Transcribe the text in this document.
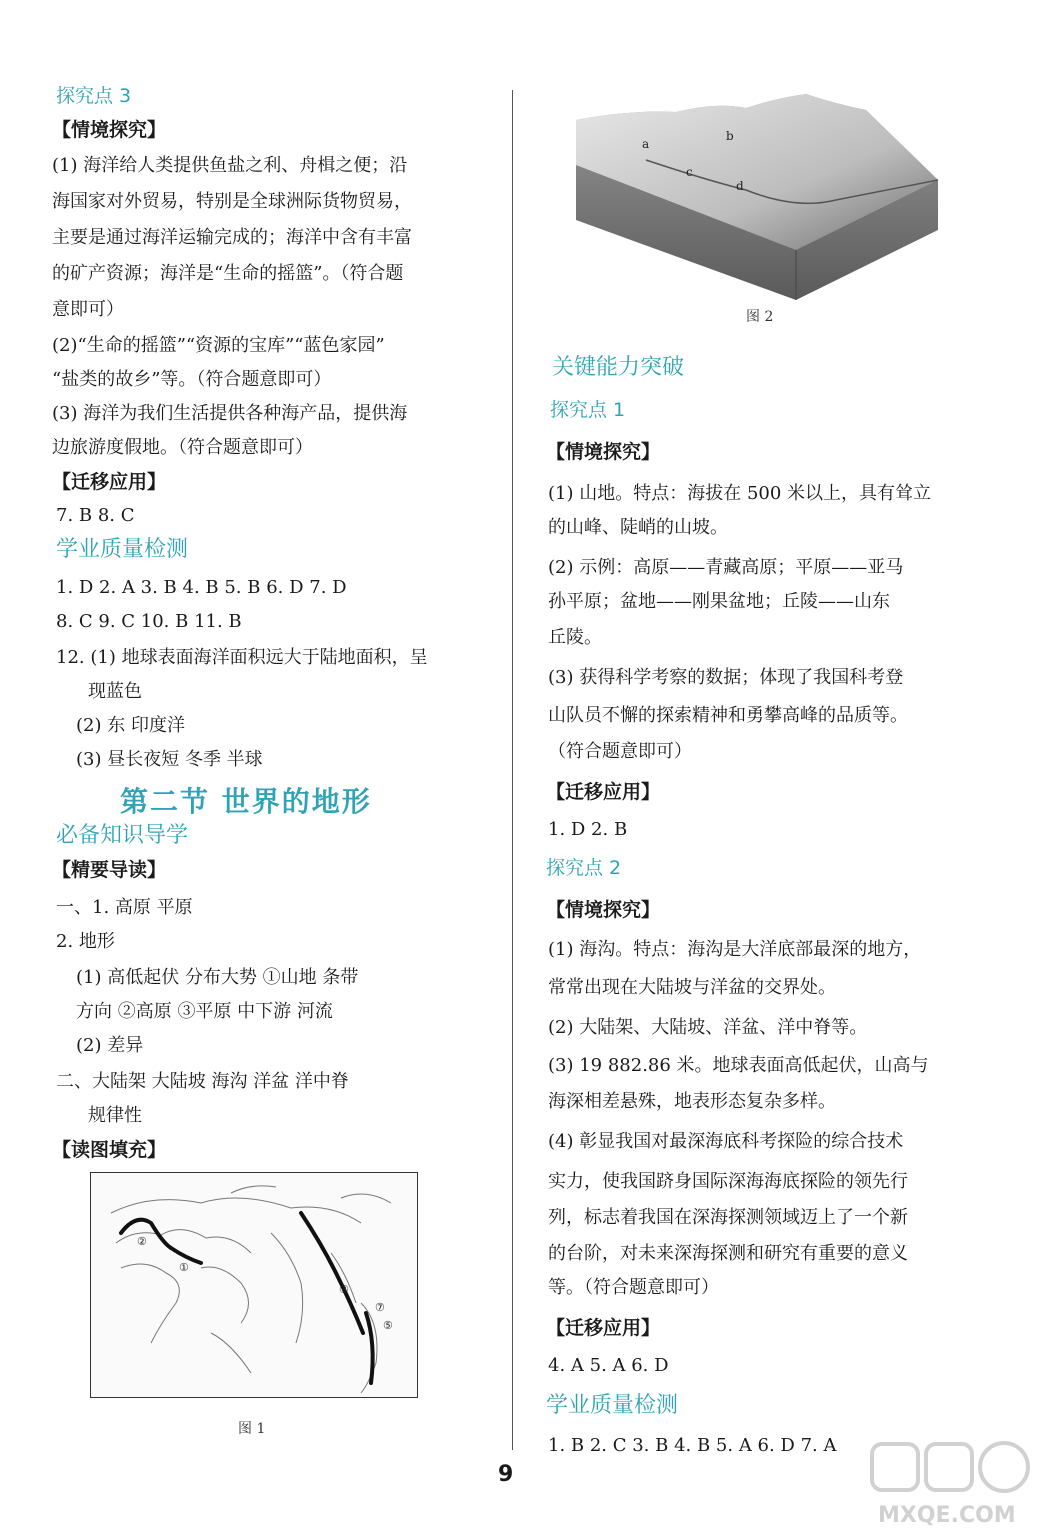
探究点 3
【情境探究】
(1) 海洋给人类提供鱼盐之利、舟楫之便；沿
海国家对外贸易，特别是全球洲际货物贸易，
主要是通过海洋运输完成的；海洋中含有丰富
的矿产资源；海洋是“生命的摇篮”。（符合题
意即可）
(2)“生命的摇篮”“资源的宝库”“蓝色家园”
“盐类的故乡”等。（符合题意即可）
(3) 海洋为我们生活提供各种海产品，提供海
边旅游度假地。（符合题意即可）
【迁移应用】
7. B 8. C
学业质量检测
1. D 2. A 3. B 4. B 5. B 6. D 7. D
8. C 9. C 10. B 11. B
12. (1) 地球表面海洋面积远大于陆地面积，呈
现蓝色
(2) 东 印度洋
(3) 昼长夜短 冬季 半球
必备知识导学
【精要导读】
一、1. 高原 平原
2. 地形
(1) 高低起伏 分布大势 ①山地 条带
方向 ②高原 ③平原 中下游 河流
(2) 差异
二、大陆架 大陆坡 海沟 洋盆 洋中脊
规律性
【读图填充】
第二节 世界的地形
②
①
③
⑦
⑤
图 1
a
b
c
d
图 2
关键能力突破
探究点 1
【情境探究】
(1) 山地。特点：海拔在 500 米以上，具有耸立
的山峰、陡峭的山坡。
(2) 示例：高原——青藏高原；平原——亚马
孙平原；盆地——刚果盆地；丘陵——山东
丘陵。
(3) 获得科学考察的数据；体现了我国科考登
山队员不懈的探索精神和勇攀高峰的品质等。
（符合题意即可）
【迁移应用】
1. D 2. B
探究点 2
【情境探究】
(1) 海沟。特点：海沟是大洋底部最深的地方，
常常出现在大陆坡与洋盆的交界处。
(2) 大陆架、大陆坡、洋盆、洋中脊等。
(3) 19 882.86 米。地球表面高低起伏，山高与
海深相差悬殊，地表形态复杂多样。
(4) 彰显我国对最深海底科考探险的综合技术
实力，使我国跻身国际深海海底探险的领先行
列，标志着我国在深海探测领域迈上了一个新
的台阶，对未来深海探测和研究有重要的意义
等。（符合题意即可）
【迁移应用】
4. A 5. A 6. D
学业质量检测
1. B 2. C 3. B 4. B 5. A 6. D 7. A
9
MXQE.COM
